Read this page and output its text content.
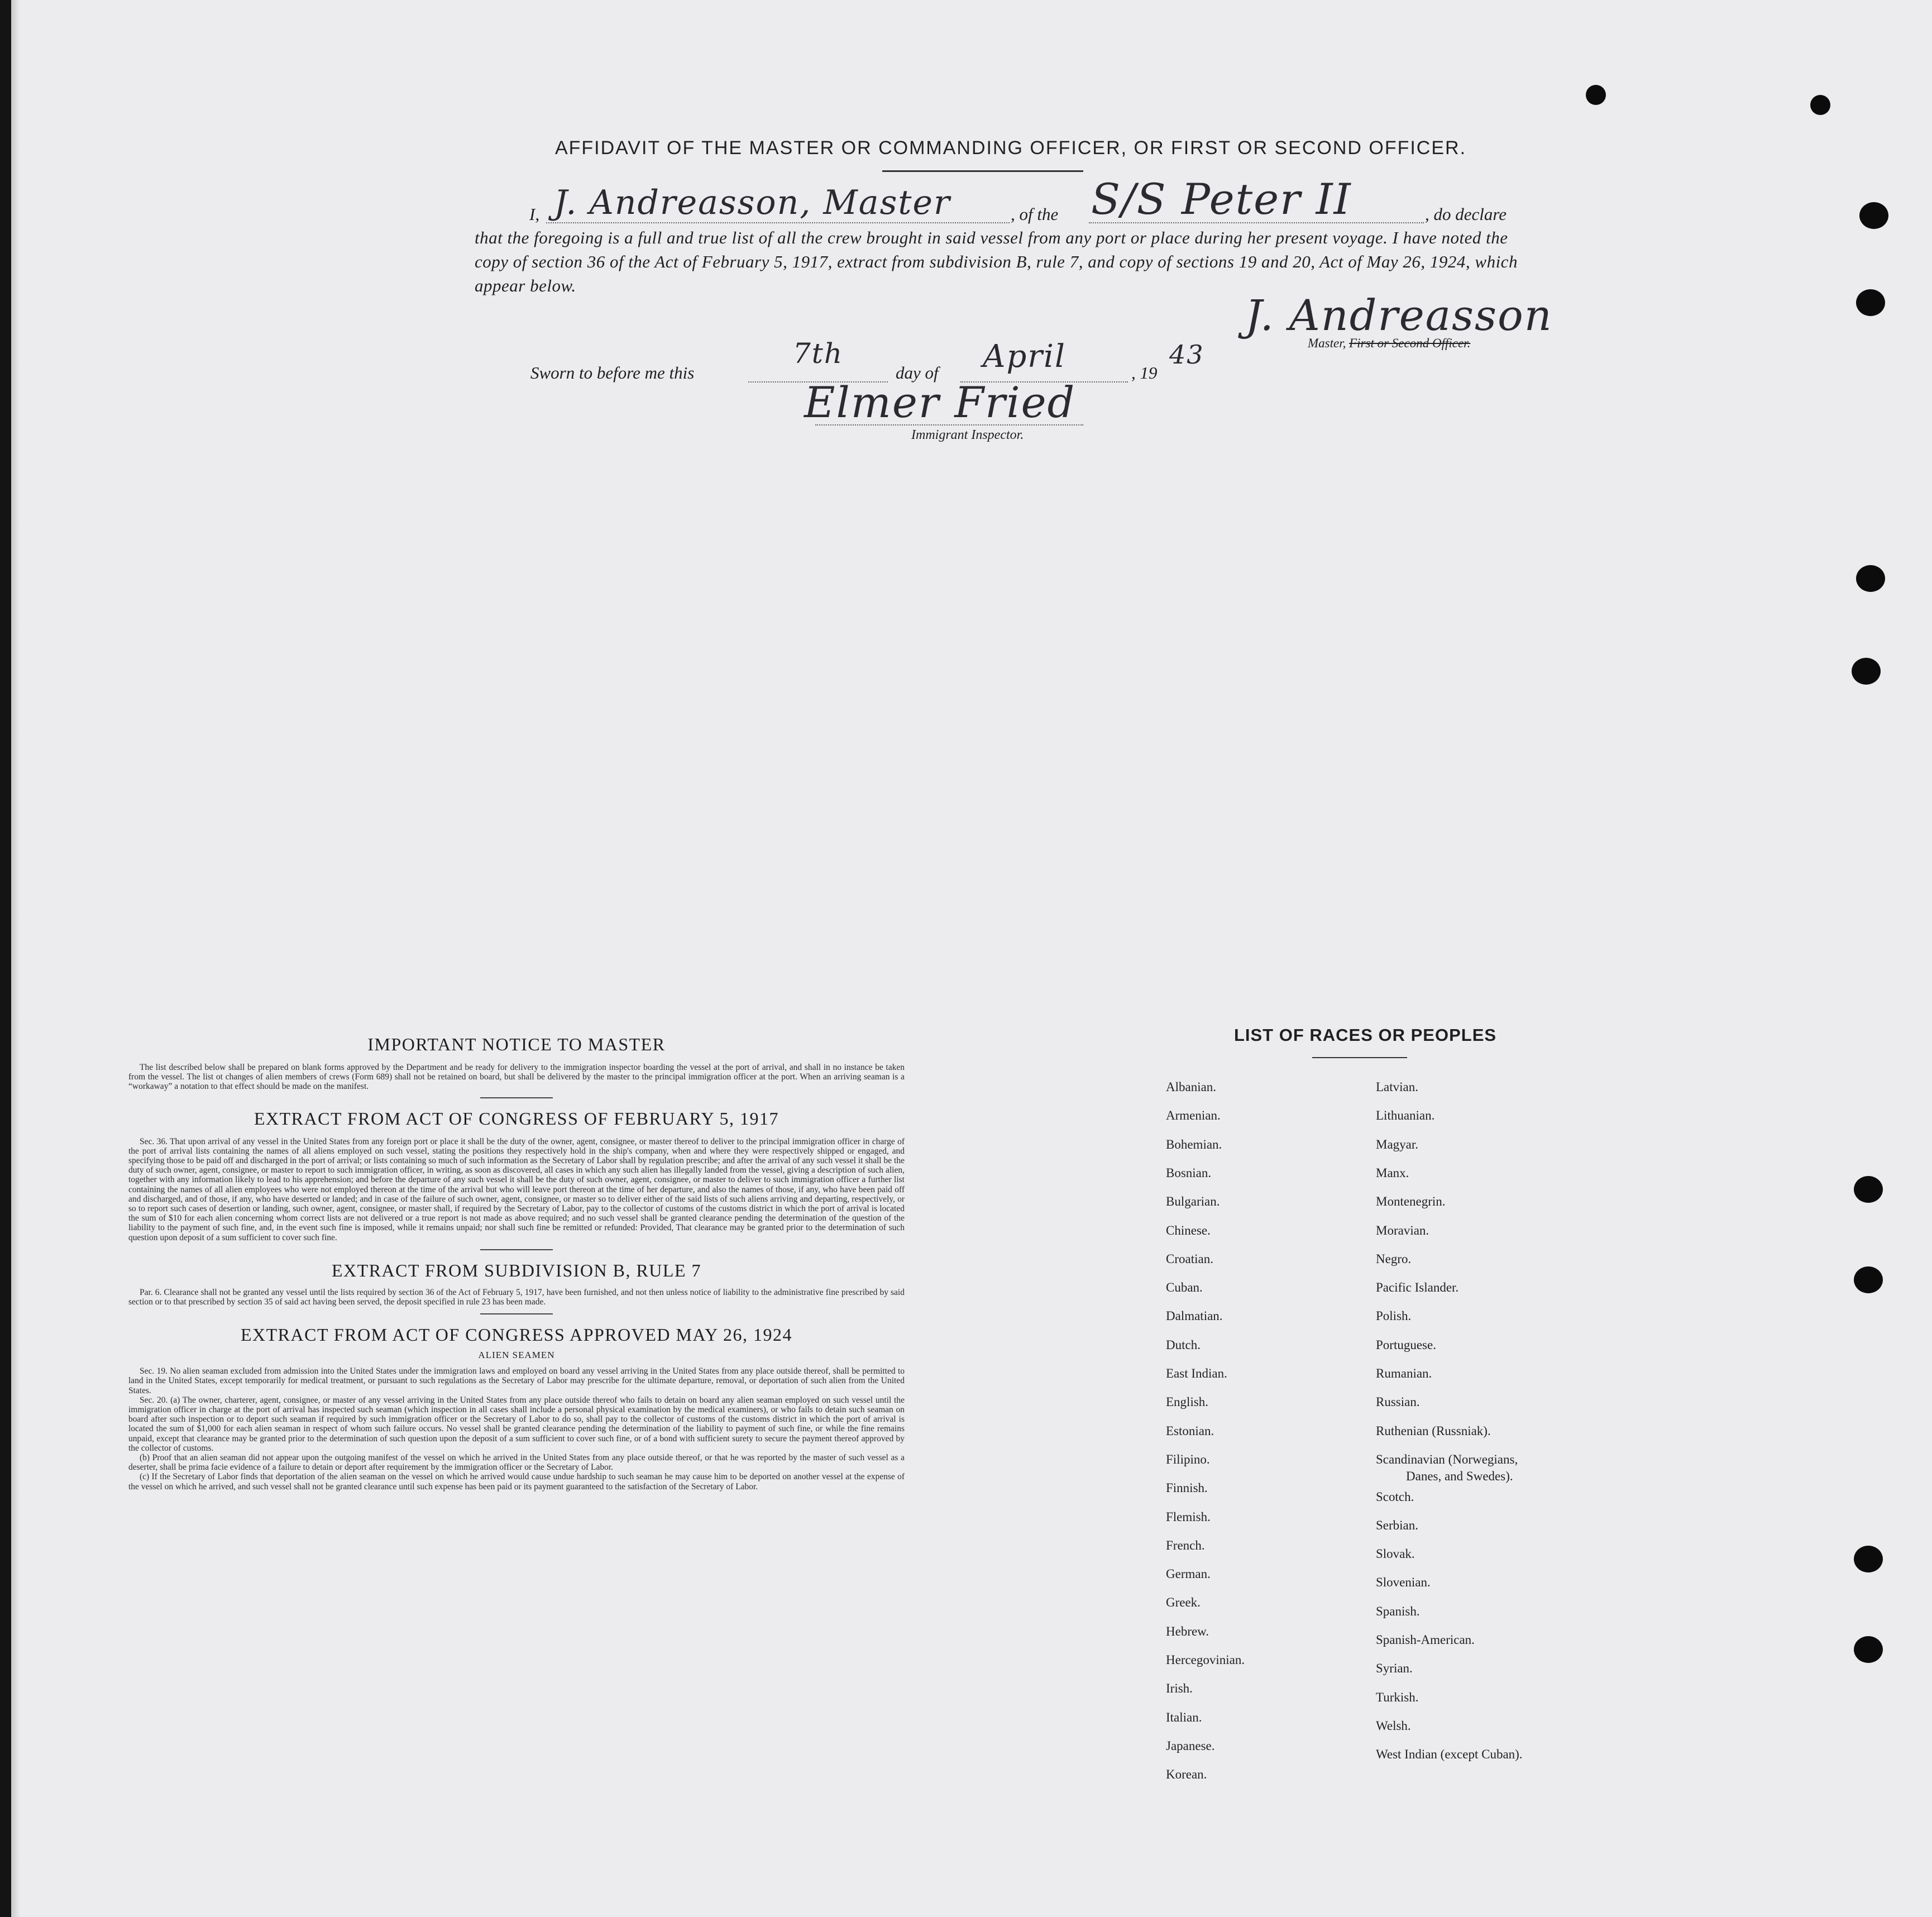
AFFIDAVIT OF THE MASTER OR COMMANDING OFFICER, OR FIRST OR SECOND OFFICER.
I, J. Andreasson, Master	, of the S/S Peter II	, do declare
that the foregoing is a full and true list of all the crew brought in said vessel from any port or place during her present voyage. I have noted the copy of section 36 of the Act of February 5, 1917, extract from subdivision B, rule 7, and copy of sections 19 and 20, Act of May 26, 1924, which appear below.
J. Andreasson
Master, First or Second Officer.
Sworn to before me this
7th
day of April	, 19
43
Elmer Fried
Immigrant Inspector.
IMPORTANT NOTICE TO MASTER

The list described below shall be prepared on blank forms approved by the Department and be ready for delivery to the immigration inspector boarding the vessel at the port of arrival, and shall in no instance be taken from the vessel. The list ot changes of alien members of crews (Form 689) shall not be retained on board, but shall be delivered by the master to the principal immigration officer at the port. When an arriving seaman is a “workaway” a notation to that effect should be made on the manifest.

EXTRACT FROM ACT OF CONGRESS OF FEBRUARY 5, 1917

Sec. 36. That upon arrival of any vessel in the United States from any foreign port or place it shall be the duty of the owner, agent, consignee, or master thereof to deliver to the principal immigration officer in charge of the port of arrival lists containing the names of all aliens employed on such vessel, stating the positions they respectively hold in the ship's company, when and where they were respectively shipped or engaged, and specifying those to be paid off and discharged in the port of arrival; or lists containing so much of such information as the Secretary of Labor shall by regulation prescribe; and after the arrival of any such vessel it shall be the duty of such owner, agent, consignee, or master to report to such immigration officer, in writing, as soon as discovered, all cases in which any such alien has illegally landed from the vessel, giving a description of such alien, together with any information likely to lead to his apprehension; and before the departure of any such vessel it shall be the duty of such owner, agent, consignee, or master to deliver to such immigration officer a further list containing the names of all alien employees who were not employed thereon at the time of the arrival but who will leave port thereon at the time of her departure, and also the names of those, if any, who have been paid off and discharged, and of those, if any, who have deserted or landed; and in case of the failure of such owner, agent, consignee, or master so to deliver either of the said lists of such aliens arriving and departing, respectively, or so to report such cases of desertion or landing, such owner, agent, consignee, or master shall, if required by the Secretary of Labor, pay to the collector of customs of the customs district in which the port of arrival is located the sum of $10 for each alien concerning whom correct lists are not delivered or a true report is not made as above required; and no such vessel shall be granted clearance pending the determination of the question of the liability to the payment of such fine, and, in the event such fine is imposed, while it remains unpaid; nor shall such fine be remitted or refunded: Provided, That clearance may be granted prior to the determination of such question upon deposit of a sum sufficient to cover such fine.

EXTRACT FROM SUBDIVISION B, RULE 7

Par. 6. Clearance shall not be granted any vessel until the lists required by section 36 of the Act of February 5, 1917, have been furnished, and not then unless notice of liability to the administrative fine prescribed by said section or to that prescribed by section 35 of said act having been served, the deposit specified in rule 23 has been made.

EXTRACT FROM ACT OF CONGRESS APPROVED MAY 26, 1924
ALIEN SEAMEN

Sec. 19. No alien seaman excluded from admission into the United States under the immigration laws and employed on board any vessel arriving in the United States from any place outside thereof, shall be permitted to land in the United States, except temporarily for medical treatment, or pursuant to such regulations as the Secretary of Labor may prescribe for the ultimate departure, removal, or deportation of such alien from the United States.

Sec. 20. (a) The owner, charterer, agent, consignee, or master of any vessel arriving in the United States from any place outside thereof who fails to detain on board any alien seaman employed on such vessel until the immigration officer in charge at the port of arrival has inspected such seaman (which inspection in all cases shall include a personal physical examination by the medical examiners), or who fails to detain such seaman on board after such inspection or to deport such seaman if required by such immigration officer or the Secretary of Labor to do so, shall pay to the collector of customs of the customs district in which the port of arrival is located the sum of $1,000 for each alien seaman in respect of whom such failure occurs. No vessel shall be granted clearance pending the determination of the liability to payment of such fine, or while the fine remains unpaid, except that clearance may be granted prior to the determination of such question upon the deposit of a sum sufficient to cover such fine, or of a bond with sufficient surety to secure the payment thereof approved by the collector of customs.

(b) Proof that an alien seaman did not appear upon the outgoing manifest of the vessel on which he arrived in the United States from any place outside thereof, or that he was reported by the master of such vessel as a deserter, shall be prima facie evidence of a failure to detain or deport after requirement by the immigration officer or the Secretary of Labor.

(c) If the Secretary of Labor finds that deportation of the alien seaman on the vessel on which he arrived would cause undue hardship to such seaman he may cause him to be deported on another vessel at the expense of the vessel on which he arrived, and such vessel shall not be granted clearance until such expense has been paid or its payment guaranteed to the satisfaction of the Secretary of Labor.

LIST OF RACES OR PEOPLES
Albanian.
Armenian.
Bohemian.
Bosnian.
Bulgarian.
Chinese.
Croatian.
Cuban.
Dalmatian.
Dutch.
East Indian.
English.
Estonian.
Filipino.
Finnish.
Flemish.
French.
German.
Greek.
Hebrew.
Hercegovinian.
Irish.
Italian.
Japanese.
Korean.
Latvian.
Lithuanian.
Magyar.
Manx.
Montenegrin.
Moravian.
Negro.
Pacific Islander.
Polish.
Portuguese.
Rumanian.
Russian.
Ruthenian (Russniak).
Scandinavian (Norwegians,
Danes, and Swedes).
Scotch.
Serbian.
Slovak.
Slovenian.
Spanish.
Spanish-American.
Syrian.
Turkish.
Welsh.
West Indian (except Cuban).
